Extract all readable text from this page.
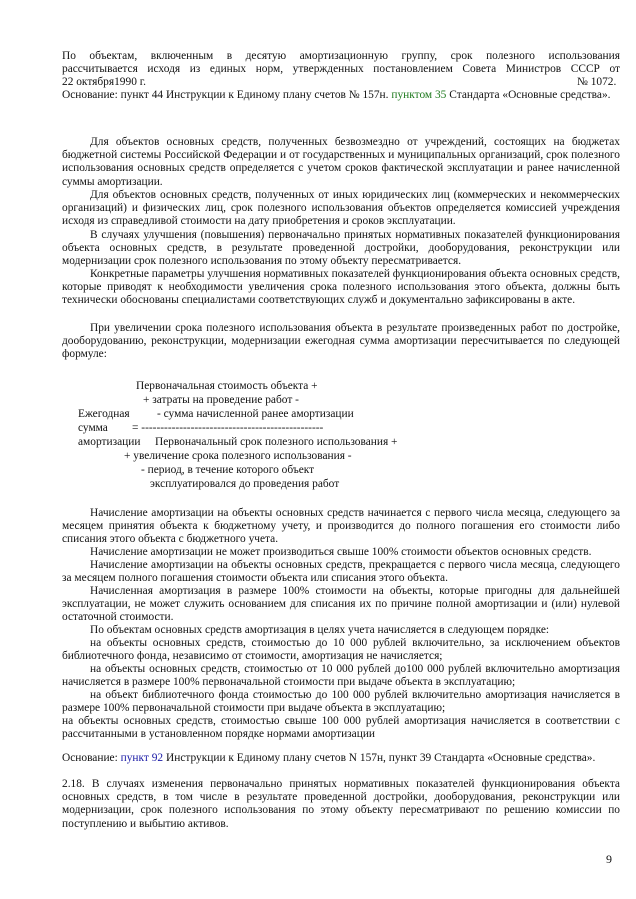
По объектам, включенным в десятую амортизационную группу, срок полезного использования

рассчитывается исходя из единых норм, утвержденных постановлением Совета Министров СССР от

22 октября1990 г.	№ 1072.

Основание: пункт 44 Инструкции к Единому плану счетов № 157н. пунктом 35 Стандарта «Основные средства».

Для объектов основных средств, полученных безвозмездно от учреждений, состоящих на бюджетах бюджетной системы Российской Федерации и от государственных и муниципальных организаций, срок полезного использования основных средств определяется с учетом сроков фактической эксплуатации и ранее начисленной суммы амортизации.

Для объектов основных средств, полученных от иных юридических лиц (коммерческих и некоммерческих организаций) и физических лиц, срок полезного использования объектов определяется комиссией учреждения исходя из справедливой стоимости на дату приобретения и сроков эксплуатации.

В случаях улучшения (повышения) первоначально принятых нормативных показателей функционирования объекта основных средств, в результате проведенной достройки, дооборудования, реконструкции или модернизации срок полезного использования по этому объекту пересматривается.

Конкретные параметры улучшения нормативных показателей функционирования объекта основных средств, которые приводят к необходимости увеличения срока полезного использования этого объекта, должны быть технически обоснованы специалистами соответствующих служб и документально зафиксированы в акте.

При увеличении срока полезного использования объекта в результате произведенных работ по достройке, дооборудованию, реконструкции, модернизации ежегодная сумма амортизации пересчитывается по следующей формуле:

Первоначальная стоимость объекта +
+ затраты на проведение работ -
Ежегодная - сумма начисленной ранее амортизации
сумма = ------------------------------------------------
амортизации Первоначальный срок полезного использования +
+ увеличение срока полезного использования -
- период, в течение которого объект
эксплуатировался до проведения работ

Начисление амортизации на объекты основных средств начинается с первого числа месяца, следующего за месяцем принятия объекта к бюджетному учету, и производится до полного погашения его стоимости либо списания этого объекта с бюджетного учета.

Начисление амортизации не может производиться свыше 100% стоимости объектов основных средств.

Начисление амортизации на объекты основных средств, прекращается с первого числа месяца, следующего за месяцем полного погашения стоимости объекта или списания этого объекта.

Начисленная амортизация в размере 100% стоимости на объекты, которые пригодны для дальнейшей эксплуатации, не может служить основанием для списания их по причине полной амортизации и (или) нулевой остаточной стоимости.

По объектам основных средств амортизация в целях учета начисляется в следующем порядке:

на объекты основных средств, стоимостью до 10 000 рублей включительно, за исключением объектов библиотечного фонда, независимо от стоимости, амортизация не начисляется;

на объекты основных средств, стоимостью от 10 000 рублей до100 000 рублей включительно амортизация начисляется в размере 100% первоначальной стоимости при выдаче объекта в эксплуатацию;

на объект библиотечного фонда стоимостью до 100 000 рублей включительно амортизация начисляется в размере 100% первоначальной стоимости при выдаче объекта в эксплуатацию;

на объекты основных средств, стоимостью свыше 100 000 рублей амортизация начисляется в соответствии с рассчитанными в установленном порядке нормами амортизации

Основание: пункт 92 Инструкции к Единому плану счетов N 157н, пункт 39 Стандарта «Основные средства».

2.18. В случаях изменения первоначально принятых нормативных показателей функционирования объекта основных средств, в том числе в результате проведенной достройки, дооборудования, реконструкции или модернизации, срок полезного использования по этому объекту пересматривают по решению комиссии по поступлению и выбытию активов.

9
